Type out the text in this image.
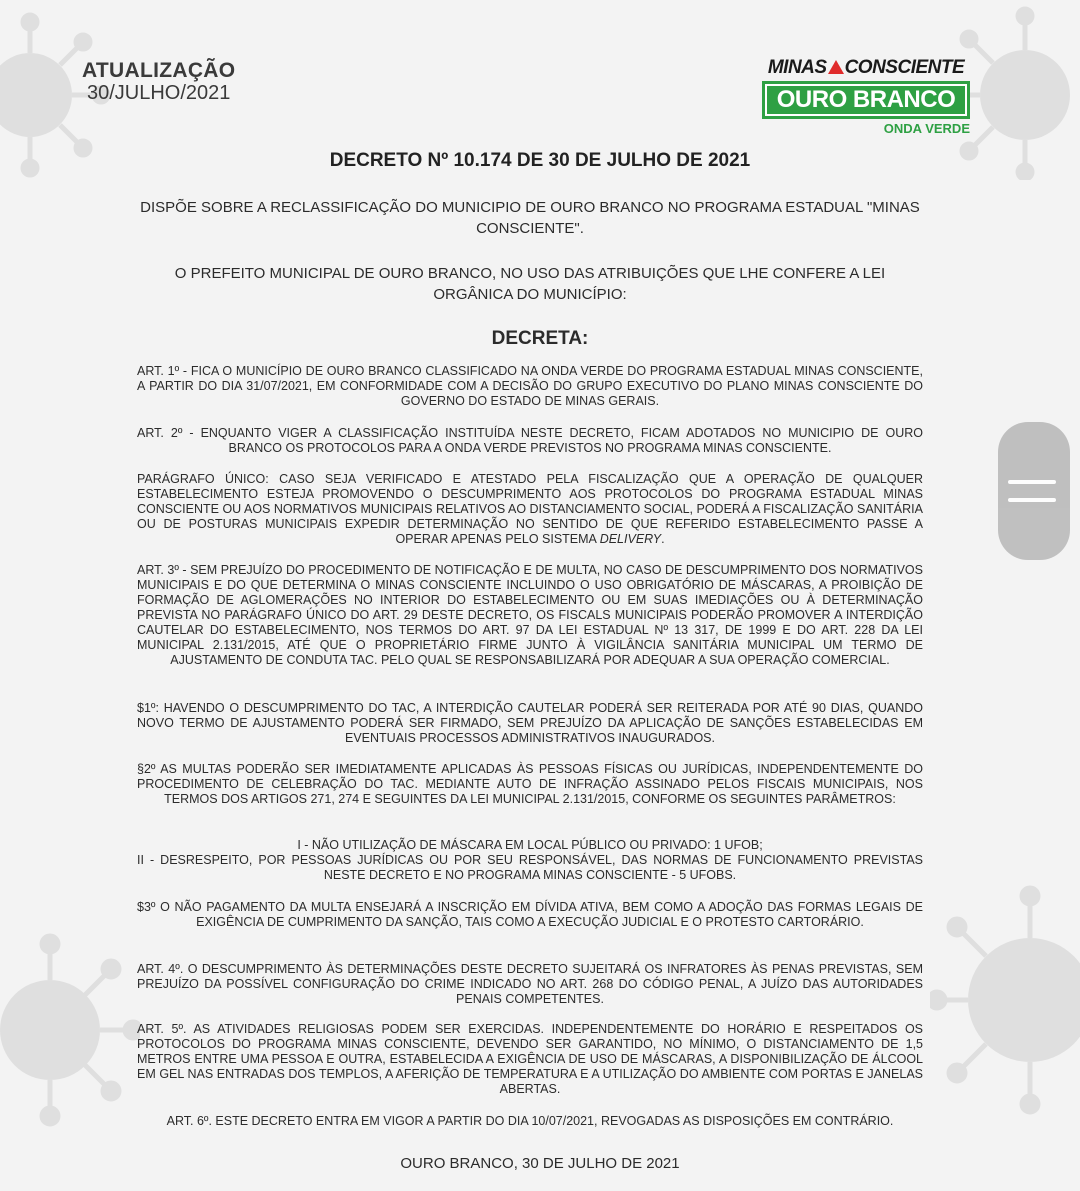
ATUALIZAÇÃO
30/JULHO/2021
MINAS CONSCIENTE
OURO BRANCO
ONDA VERDE
DECRETO Nº 10.174 DE 30 DE JULHO DE 2021
DISPÕE SOBRE A RECLASSIFICAÇÃO DO MUNICIPIO DE OURO BRANCO NO PROGRAMA ESTADUAL "MINAS CONSCIENTE".
O PREFEITO MUNICIPAL DE OURO BRANCO, NO USO DAS ATRIBUIÇÕES QUE LHE CONFERE A LEI ORGÂNICA DO MUNICÍPIO:
DECRETA:
ART. 1º - FICA O MUNICÍPIO DE OURO BRANCO CLASSIFICADO NA ONDA VERDE DO PROGRAMA ESTADUAL MINAS CONSCIENTE, A PARTIR DO DIA 31/07/2021, EM CONFORMIDADE COM A DECISÃO DO GRUPO EXECUTIVO DO PLANO MINAS CONSCIENTE DO GOVERNO DO ESTADO DE MINAS GERAIS.
ART. 2º - ENQUANTO VIGER A CLASSIFICAÇÃO INSTITUÍDA NESTE DECRETO, FICAM ADOTADOS NO MUNICIPIO DE OURO BRANCO OS PROTOCOLOS PARA A ONDA VERDE PREVISTOS NO PROGRAMA MINAS CONSCIENTE.
PARÁGRAFO ÚNICO: CASO SEJA VERIFICADO E ATESTADO PELA FISCALIZAÇÃO QUE A OPERAÇÃO DE QUALQUER ESTABELECIMENTO ESTEJA PROMOVENDO O DESCUMPRIMENTO AOS PROTOCOLOS DO PROGRAMA ESTADUAL MINAS CONSCIENTE OU AOS NORMATIVOS MUNICIPAIS RELATIVOS AO DISTANCIAMENTO SOCIAL, PODERÁ A FISCALIZAÇÃO SANITÁRIA OU DE POSTURAS MUNICIPAIS EXPEDIR DETERMINAÇÃO NO SENTIDO DE QUE REFERIDO ESTABELECIMENTO PASSE A OPERAR APENAS PELO SISTEMA DELIVERY.
ART. 3º - SEM PREJUÍZO DO PROCEDIMENTO DE NOTIFICAÇÃO E DE MULTA, NO CASO DE DESCUMPRIMENTO DOS NORMATIVOS MUNICIPAIS E DO QUE DETERMINA O MINAS CONSCIENTE INCLUINDO O USO OBRIGATÓRIO DE MÁSCARAS, A PROIBIÇÃO DE FORMAÇÃO DE AGLOMERAÇÕES NO INTERIOR DO ESTABELECIMENTO OU EM SUAS IMEDIAÇÕES OU À DETERMINAÇÃO PREVISTA NO PARÁGRAFO ÚNICO DO ART. 29 DESTE DECRETO, OS FISCALS MUNICIPAIS PODERÃO PROMOVER A INTERDIÇÃO CAUTELAR DO ESTABELECIMENTO, NOS TERMOS DO ART. 97 DA LEI ESTADUAL Nº 13 317, DE 1999 E DO ART. 228 DA LEI MUNICIPAL 2.131/2015, ATÉ QUE O PROPRIETÁRIO FIRME JUNTO À VIGILÂNCIA SANITÁRIA MUNICIPAL UM TERMO DE AJUSTAMENTO DE CONDUTA TAC. PELO QUAL SE RESPONSABILIZARÁ POR ADEQUAR A SUA OPERAÇÃO COMERCIAL.
$1º: HAVENDO O DESCUMPRIMENTO DO TAC, A INTERDIÇÃO CAUTELAR PODERÁ SER REITERADA POR ATÉ 90 DIAS, QUANDO NOVO TERMO DE AJUSTAMENTO PODERÁ SER FIRMADO, SEM PREJUÍZO DA APLICAÇÃO DE SANÇÕES ESTABELECIDAS EM EVENTUAIS PROCESSOS ADMINISTRATIVOS INAUGURADOS.
§2º AS MULTAS PODERÃO SER IMEDIATAMENTE APLICADAS ÀS PESSOAS FÍSICAS OU JURÍDICAS, INDEPENDENTEMENTE DO PROCEDIMENTO DE CELEBRAÇÃO DO TAC. MEDIANTE AUTO DE INFRAÇÃO ASSINADO PELOS FISCAIS MUNICIPAIS, NOS TERMOS DOS ARTIGOS 271, 274 E SEGUINTES DA LEI MUNICIPAL 2.131/2015, CONFORME OS SEGUINTES PARÂMETROS:
I - NÃO UTILIZAÇÃO DE MÁSCARA EM LOCAL PÚBLICO OU PRIVADO: 1 UFOB;
II - DESRESPEITO, POR PESSOAS JURÍDICAS OU POR SEU RESPONSÁVEL, DAS NORMAS DE FUNCIONAMENTO PREVISTAS NESTE DECRETO E NO PROGRAMA MINAS CONSCIENTE - 5 UFOBS.
$3º O NÃO PAGAMENTO DA MULTA ENSEJARÁ A INSCRIÇÃO EM DÍVIDA ATIVA, BEM COMO A ADOÇÃO DAS FORMAS LEGAIS DE EXIGÊNCIA DE CUMPRIMENTO DA SANÇÃO, TAIS COMO A EXECUÇÃO JUDICIAL E O PROTESTO CARTORÁRIO.
ART. 4º. O DESCUMPRIMENTO ÀS DETERMINAÇÕES DESTE DECRETO SUJEITARÁ OS INFRATORES ÀS PENAS PREVISTAS, SEM PREJUÍZO DA POSSÍVEL CONFIGURAÇÃO DO CRIME INDICADO NO ART. 268 DO CÓDIGO PENAL, A JUÍZO DAS AUTORIDADES PENAIS COMPETENTES.
ART. 5º. AS ATIVIDADES RELIGIOSAS PODEM SER EXERCIDAS. INDEPENDENTEMENTE DO HORÁRIO E RESPEITADOS OS PROTOCOLOS DO PROGRAMA MINAS CONSCIENTE, DEVENDO SER GARANTIDO, NO MÍNIMO, O DISTANCIAMENTO DE 1,5 METROS ENTRE UMA PESSOA E OUTRA, ESTABELECIDA A EXIGÊNCIA DE USO DE MÁSCARAS, A DISPONIBILIZAÇÃO DE ÁLCOOL EM GEL NAS ENTRADAS DOS TEMPLOS, A AFERIÇÃO DE TEMPERATURA E A UTILIZAÇÃO DO AMBIENTE COM PORTAS E JANELAS ABERTAS.
ART. 6º. ESTE DECRETO ENTRA EM VIGOR A PARTIR DO DIA 10/07/2021, REVOGADAS AS DISPOSIÇÕES EM CONTRÁRIO.
OURO BRANCO, 30 DE JULHO DE 2021
